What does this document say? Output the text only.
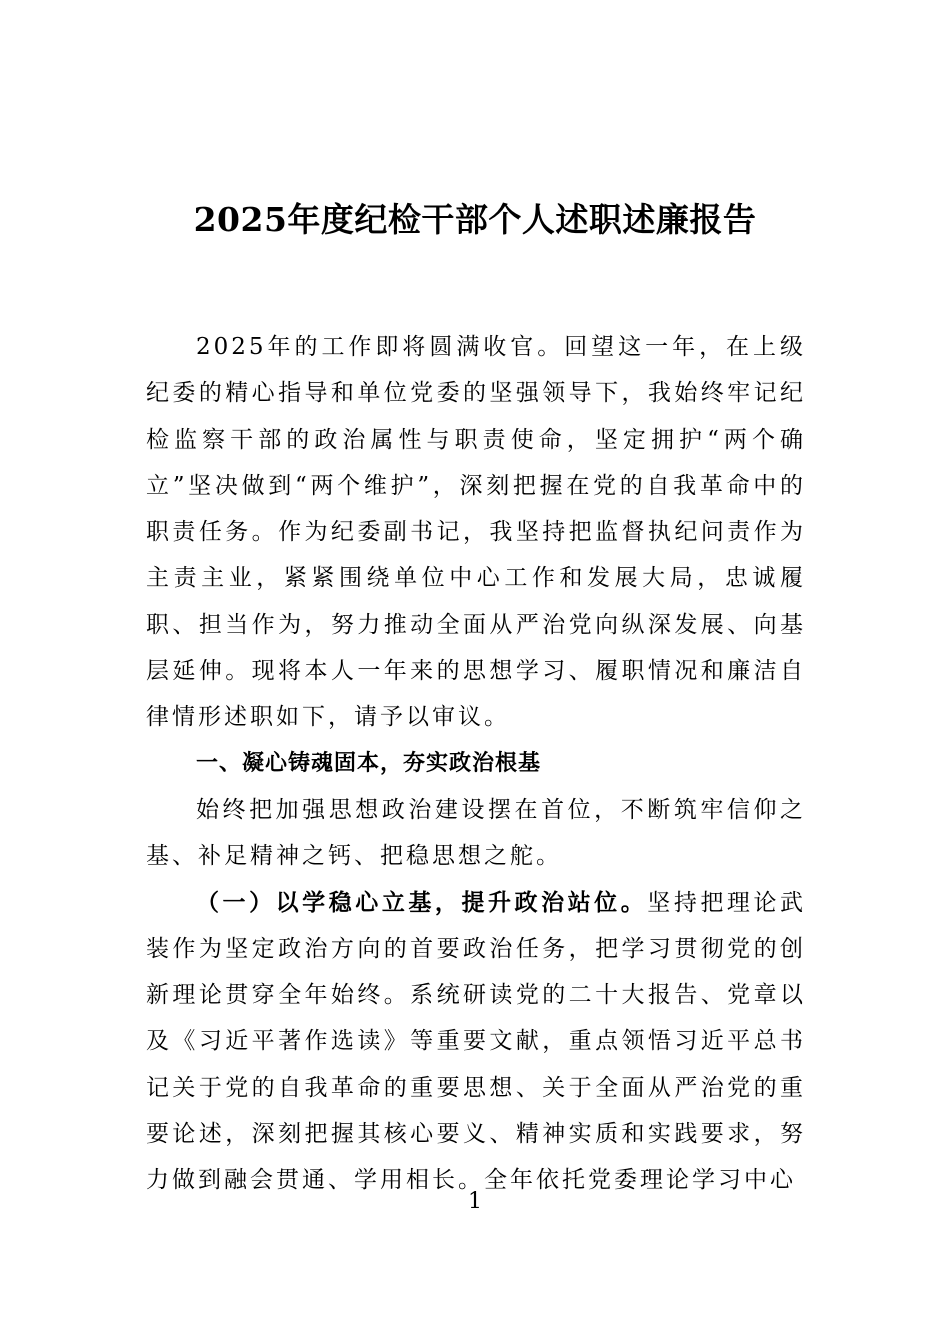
2025年度纪检干部个人述职述廉报告

2025年的工作即将圆满收官。回望这一年，在上级纪委的精心指导和单位党委的坚强领导下，我始终牢记纪检监察干部的政治属性与职责使命，坚定拥护“两个确立”坚决做到“两个维护”，深刻把握在党的自我革命中的职责任务。作为纪委副书记，我坚持把监督执纪问责作为主责主业，紧紧围绕单位中心工作和发展大局，忠诚履职、担当作为，努力推动全面从严治党向纵深发展、向基层延伸。现将本人一年来的思想学习、履职情况和廉洁自律情形述职如下，请予以审议。

一、凝心铸魂固本，夯实政治根基

始终把加强思想政治建设摆在首位，不断筑牢信仰之基、补足精神之钙、把稳思想之舵。

（一）以学稳心立基，提升政治站位。坚持把理论武装作为坚定政治方向的首要政治任务，把学习贯彻党的创新理论贯穿全年始终。系统研读党的二十大报告、党章以及《习近平著作选读》等重要文献，重点领悟习近平总书记关于党的自我革命的重要思想、关于全面从严治党的重要论述，深刻把握其核心要义、精神实质和实践要求，努力做到融会贯通、学用相长。全年依托党委理论学习中心

1
